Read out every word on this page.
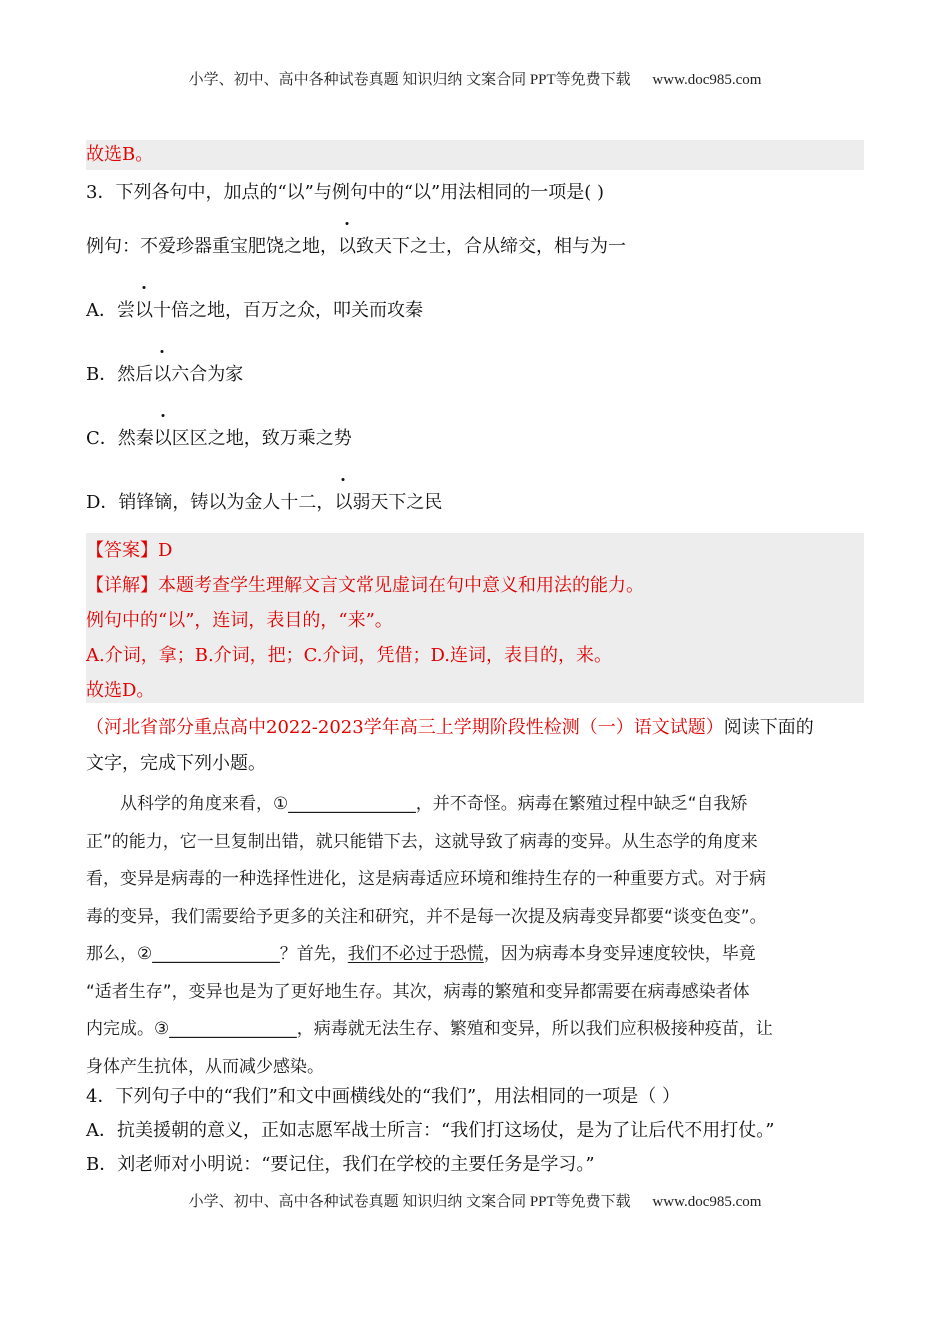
小学、初中、高中各种试卷真题 知识归纳 文案合同 PPT等免费下载 www.doc985.com
故选B。
3．下列各句中，加点的“以”与例句中的“以”用法相同的一项是( )
例句：不爱珍器重宝肥饶之地，以致天下之士，合从缔交，相与为一
A．尝以十倍之地，百万之众，叩关而攻秦
B．然后以六合为家
C．然秦以区区之地，致万乘之势
D．销锋镝，铸以为金人十二，以弱天下之民
【答案】D
【详解】本题考查学生理解文言文常见虚词在句中意义和用法的能力。
例句中的“以”，连词，表目的，“来”。
A.介词，拿；B.介词，把；C.介词，凭借；D.连词，表目的，来。
故选D。
（河北省部分重点高中2022-2023学年高三上学期阶段性检测（一）语文试题）阅读下面的
文字，完成下列小题。
从科学的角度来看，①_______________，并不奇怪。病毒在繁殖过程中缺乏“自我矫
正”的能力，它一旦复制出错，就只能错下去，这就导致了病毒的变异。从生态学的角度来
看，变异是病毒的一种选择性进化，这是病毒适应环境和维持生存的一种重要方式。对于病
毒的变异，我们需要给予更多的关注和研究，并不是每一次提及病毒变异都要“谈变色变”。
那么，②_______________？首先，我们不必过于恐慌，因为病毒本身变异速度较快，毕竟
“适者生存”，变异也是为了更好地生存。其次，病毒的繁殖和变异都需要在病毒感染者体
内完成。③_______________，病毒就无法生存、繁殖和变异，所以我们应积极接种疫苗，让
身体产生抗体，从而减少感染。
4．下列句子中的“我们”和文中画横线处的“我们”，用法相同的一项是（ ）
A．抗美援朝的意义，正如志愿军战士所言：“我们打这场仗，是为了让后代不用打仗。”
B．刘老师对小明说：“要记住，我们在学校的主要任务是学习。”
小学、初中、高中各种试卷真题 知识归纳 文案合同 PPT等免费下载 www.doc985.com
